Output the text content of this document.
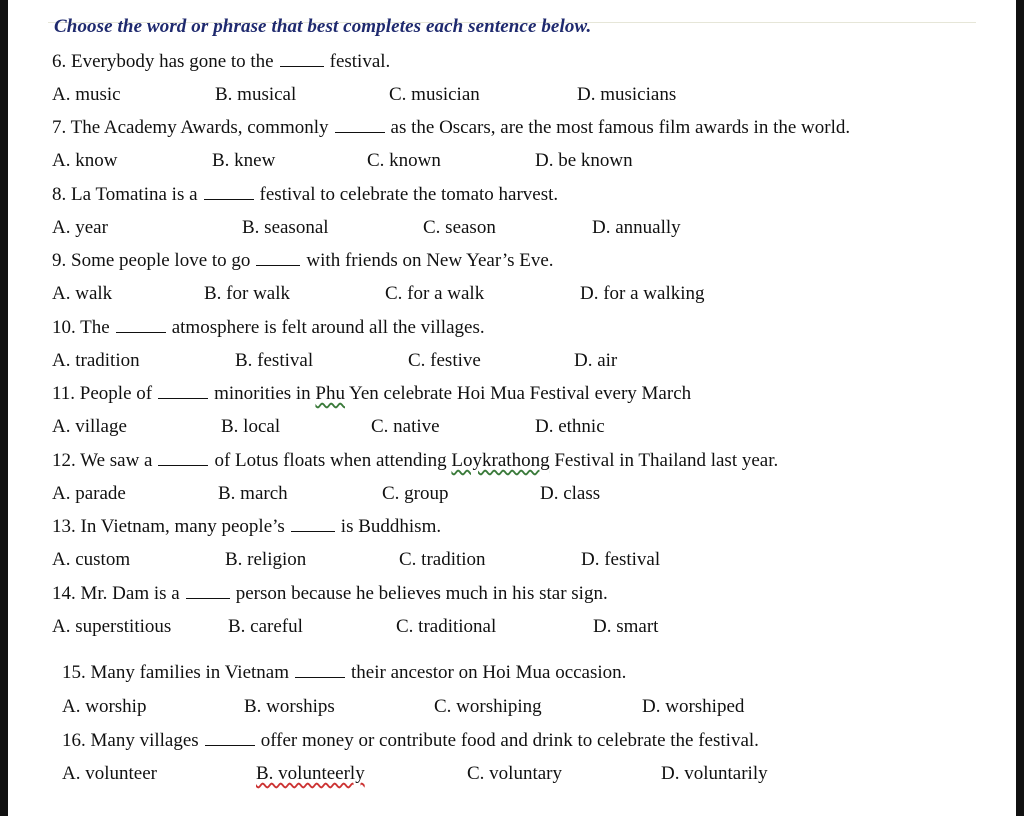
Choose the word or phrase that best completes each sentence below.
6. Everybody has gone to the	festival.
A. music	B. musical	C. musician	D. musicians
7. The Academy Awards, commonly	as the Oscars, are the most famous film awards in the world.
A. know	B. knew	C. known	D. be known
8. La Tomatina is a	festival to celebrate the tomato harvest.
A. year	B. seasonal	C. season	D. annually
9. Some people love to go	with friends on New Year’s Eve.
A. walk	B. for walk	C. for a walk	D. for a walking
10. The	atmosphere is felt around all the villages.
A. tradition	B. festival	C. festive	D. air
11. People of	minorities in Phu Yen celebrate Hoi Mua Festival every March
A. village	B. local	C. native	D. ethnic
12. We saw a	of Lotus floats when attending Loykrathong Festival in Thailand last year.
A. parade	B. march	C. group	D. class
13. In Vietnam, many people’s	is Buddhism.
A. custom	B. religion	C. tradition	D. festival
14. Mr. Dam is a	person because he believes much in his star sign.
A. superstitious	B. careful	C. traditional	D. smart
15. Many families in Vietnam	their ancestor on Hoi Mua occasion.
A. worship	B. worships	C. worshiping	D. worshiped
16. Many villages	offer money or contribute food and drink to celebrate the festival.
A. volunteer	B. volunteerly	C. voluntary	D. voluntarily
